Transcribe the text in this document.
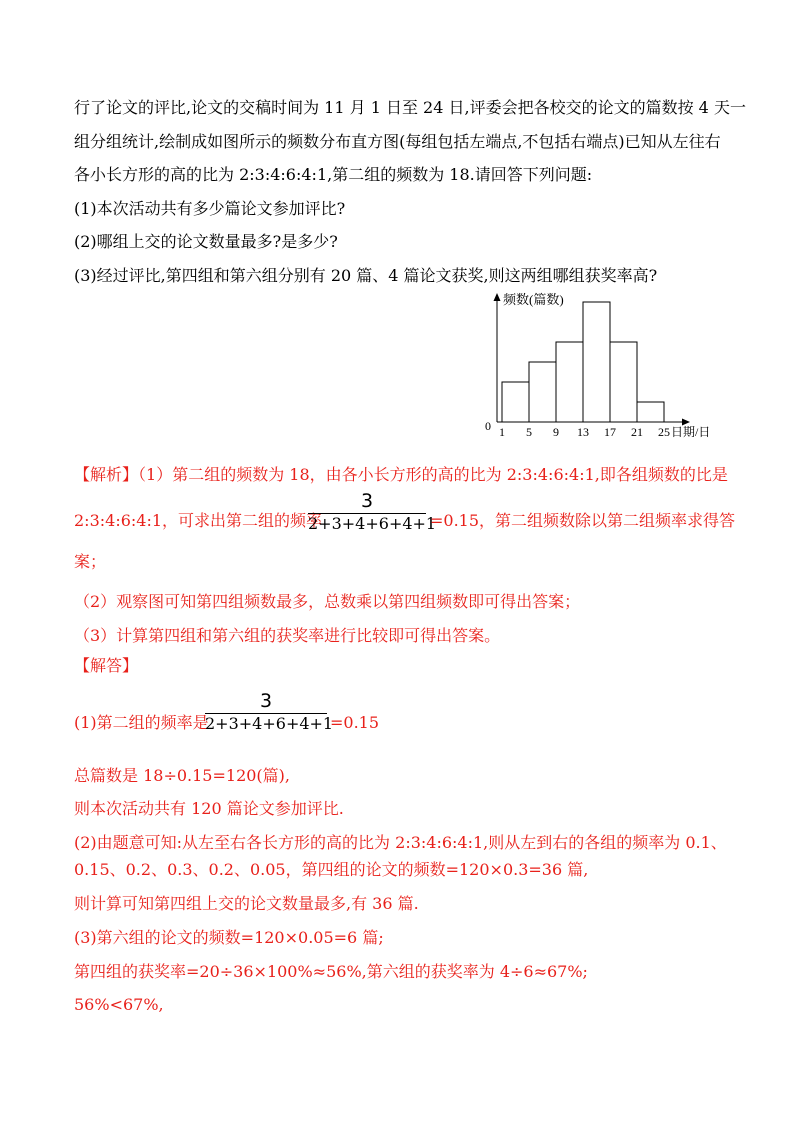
行了论文的评比,论文的交稿时间为 11 月 1 日至 24 日,评委会把各校交的论文的篇数按 4 天一
组分组统计,绘制成如图所示的频数分布直方图(每组包括左端点,不包括右端点)已知从左往右
各小长方形的高的比为 2:3:4:6:4:1,第二组的频数为 18.请回答下列问题:
(1)本次活动共有多少篇论文参加评比?
(2)哪组上交的论文数量最多?是多少?
(3)经过评比,第四组和第六组分别有 20 篇、4 篇论文获奖,则这两组哪组获奖率高?
频数(篇数)
0 1 5 9 13 17 21 25 日期/日
【解析】（1）第二组的频数为 18，由各小长方形的高的比为 2:3:4:6:4:1,即各组频数的比是
2:3:4:6:4:1，可求出第二组的频率
3
2+3+4+6+4+1
=0.15，第二组频数除以第二组频率求得答
案；
（2）观察图可知第四组频数最多，总数乘以第四组频数即可得出答案；
（3）计算第四组和第六组的获奖率进行比较即可得出答案。
【解答】
(1)第二组的频率是
3
2+3+4+6+4+1
=0.15
总篇数是 18÷0.15=120(篇),
则本次活动共有 120 篇论文参加评比.
(2)由题意可知:从左至右各长方形的高的比为 2:3:4:6:4:1,则从左到右的各组的频率为 0.1、
0.15、0.2、0.3、0.2、0.05，第四组的论文的频数=120×0.3=36 篇,
则计算可知第四组上交的论文数量最多,有 36 篇.
(3)第六组的论文的频数=120×0.05=6 篇;
第四组的获奖率=20÷36×100%≈56%,第六组的获奖率为 4÷6≈67%;
56%<67%,
